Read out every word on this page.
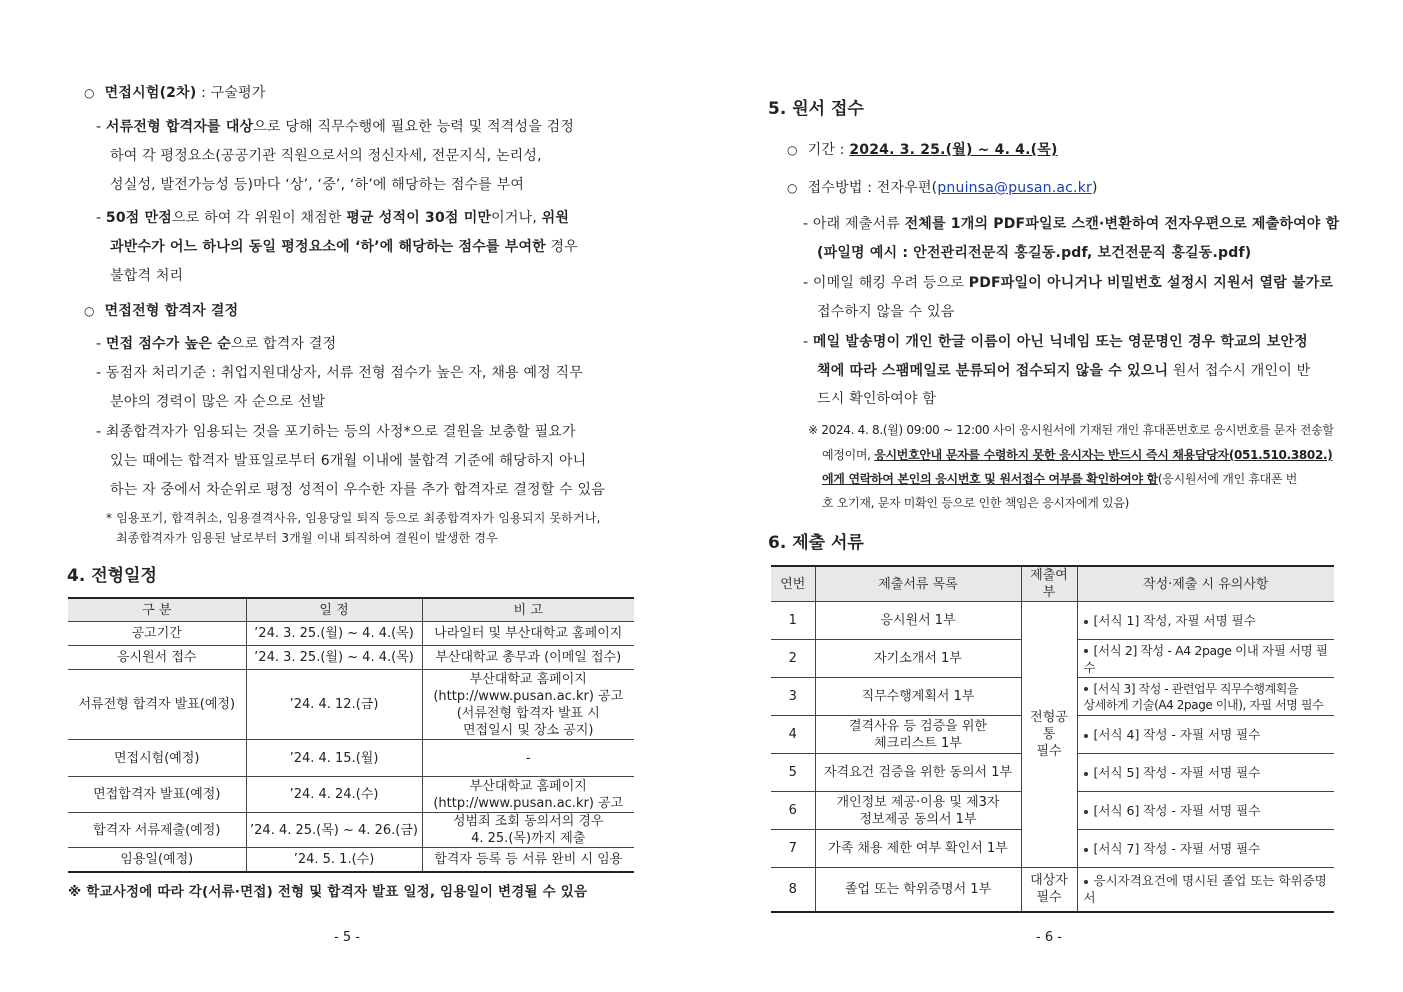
○ 면접시험(2차) : 구술평가
- 서류전형 합격자를 대상으로 당해 직무수행에 필요한 능력 및 적격성을 검정
하여 각 평정요소(공공기관 직원으로서의 정신자세, 전문지식, 논리성,
성실성, 발전가능성 등)마다 ‘상’, ‘중’, ‘하’에 해당하는 점수를 부여
- 50점 만점으로 하여 각 위원이 채점한 평균 성적이 30점 미만이거나, 위원
과반수가 어느 하나의 동일 평정요소에 ‘하’에 해당하는 점수를 부여한 경우
불합격 처리
○ 면접전형 합격자 결정
- 면접 점수가 높은 순으로 합격자 결정
- 동점자 처리기준 : 취업지원대상자, 서류 전형 점수가 높은 자, 채용 예정 직무
분야의 경력이 많은 자 순으로 선발
- 최종합격자가 임용되는 것을 포기하는 등의 사정*으로 결원을 보충할 필요가
있는 때에는 합격자 발표일로부터 6개월 이내에 불합격 기준에 해당하지 아니
하는 자 중에서 차순위로 평정 성적이 우수한 자를 추가 합격자로 결정할 수 있음
* 임용포기, 합격취소, 임용결격사유, 임용당일 퇴직 등으로 최종합격자가 임용되지 못하거나,
최종합격자가 임용된 날로부터 3개월 이내 퇴직하여 결원이 발생한 경우
4. 전형일정
구 분	일 정	비 고
공고기간	’24. 3. 25.(월) ~ 4. 4.(목)	나라일터 및 부산대학교 홈페이지
응시원서 접수	’24. 3. 25.(월) ~ 4. 4.(목)	부산대학교 총무과 (이메일 접수)
서류전형 합격자 발표(예정)	’24. 4. 12.(금)	부산대학교 홈페이지
(http://www.pusan.ac.kr) 공고
(서류전형 합격자 발표 시
면접일시 및 장소 공지)
면접시험(예정)	’24. 4. 15.(월)	-
면접합격자 발표(예정)	’24. 4. 24.(수)	부산대학교 홈페이지
(http://www.pusan.ac.kr) 공고
합격자 서류제출(예정)	’24. 4. 25.(목) ~ 4. 26.(금)	성범죄 조회 동의서의 경우
4. 25.(목)까지 제출
임용일(예정)	’24. 5. 1.(수)	합격자 등록 등 서류 완비 시 임용
※ 학교사정에 따라 각(서류·면접) 전형 및 합격자 발표 일정, 임용일이 변경될 수 있음
- 5 -
5. 원서 접수
○ 기간 : 2024. 3. 25.(월) ~ 4. 4.(목)
○ 접수방법 : 전자우편(pnuinsa@pusan.ac.kr)
- 아래 제출서류 전체를 1개의 PDF파일로 스캔·변환하여 전자우편으로 제출하여야 함
(파일명 예시 : 안전관리전문직 홍길동.pdf, 보건전문직 홍길동.pdf)
- 이메일 해킹 우려 등으로 PDF파일이 아니거나 비밀번호 설정시 지원서 열람 불가로
접수하지 않을 수 있음
- 메일 발송명이 개인 한글 이름이 아닌 닉네임 또는 영문명인 경우 학교의 보안정
책에 따라 스팸메일로 분류되어 접수되지 않을 수 있으니 원서 접수시 개인이 반
드시 확인하여야 함
※ 2024. 4. 8.(월) 09:00 ~ 12:00 사이 응시원서에 기재된 개인 휴대폰번호로 응시번호를 문자 전송할
예정이며, 응시번호안내 문자를 수령하지 못한 응시자는 반드시 즉시 채용담당자(051.510.3802.)
에게 연락하여 본인의 응시번호 및 원서접수 여부를 확인하여야 함(응시원서에 개인 휴대폰 번
호 오기재, 문자 미확인 등으로 인한 책임은 응시자에게 있음)
6. 제출 서류
연번	제출서류 목록	제출여부	작성·제출 시 유의사항
1	응시원서 1부	전형공통
필수	[서식 1] 작성, 자필 서명 필수
2	자기소개서 1부		[서식 2] 작성 - A4 2page 이내 자필 서명 필수
3	직무수행계획서 1부		[서식 3] 작성 - 관련업무 직무수행계획을
상세하게 기술(A4 2page 이내), 자필 서명 필수
4	결격사유 등 검증을 위한
체크리스트 1부		[서식 4] 작성 - 자필 서명 필수
5	자격요건 검증을 위한 동의서 1부		[서식 5] 작성 - 자필 서명 필수
6	개인정보 제공·이용 및 제3자
정보제공 동의서 1부		[서식 6] 작성 - 자필 서명 필수
7	가족 채용 제한 여부 확인서 1부		[서식 7] 작성 - 자필 서명 필수
8	졸업 또는 학위증명서 1부	대상자
필수	응시자격요건에 명시된 졸업 또는 학위증명서
- 6 -
